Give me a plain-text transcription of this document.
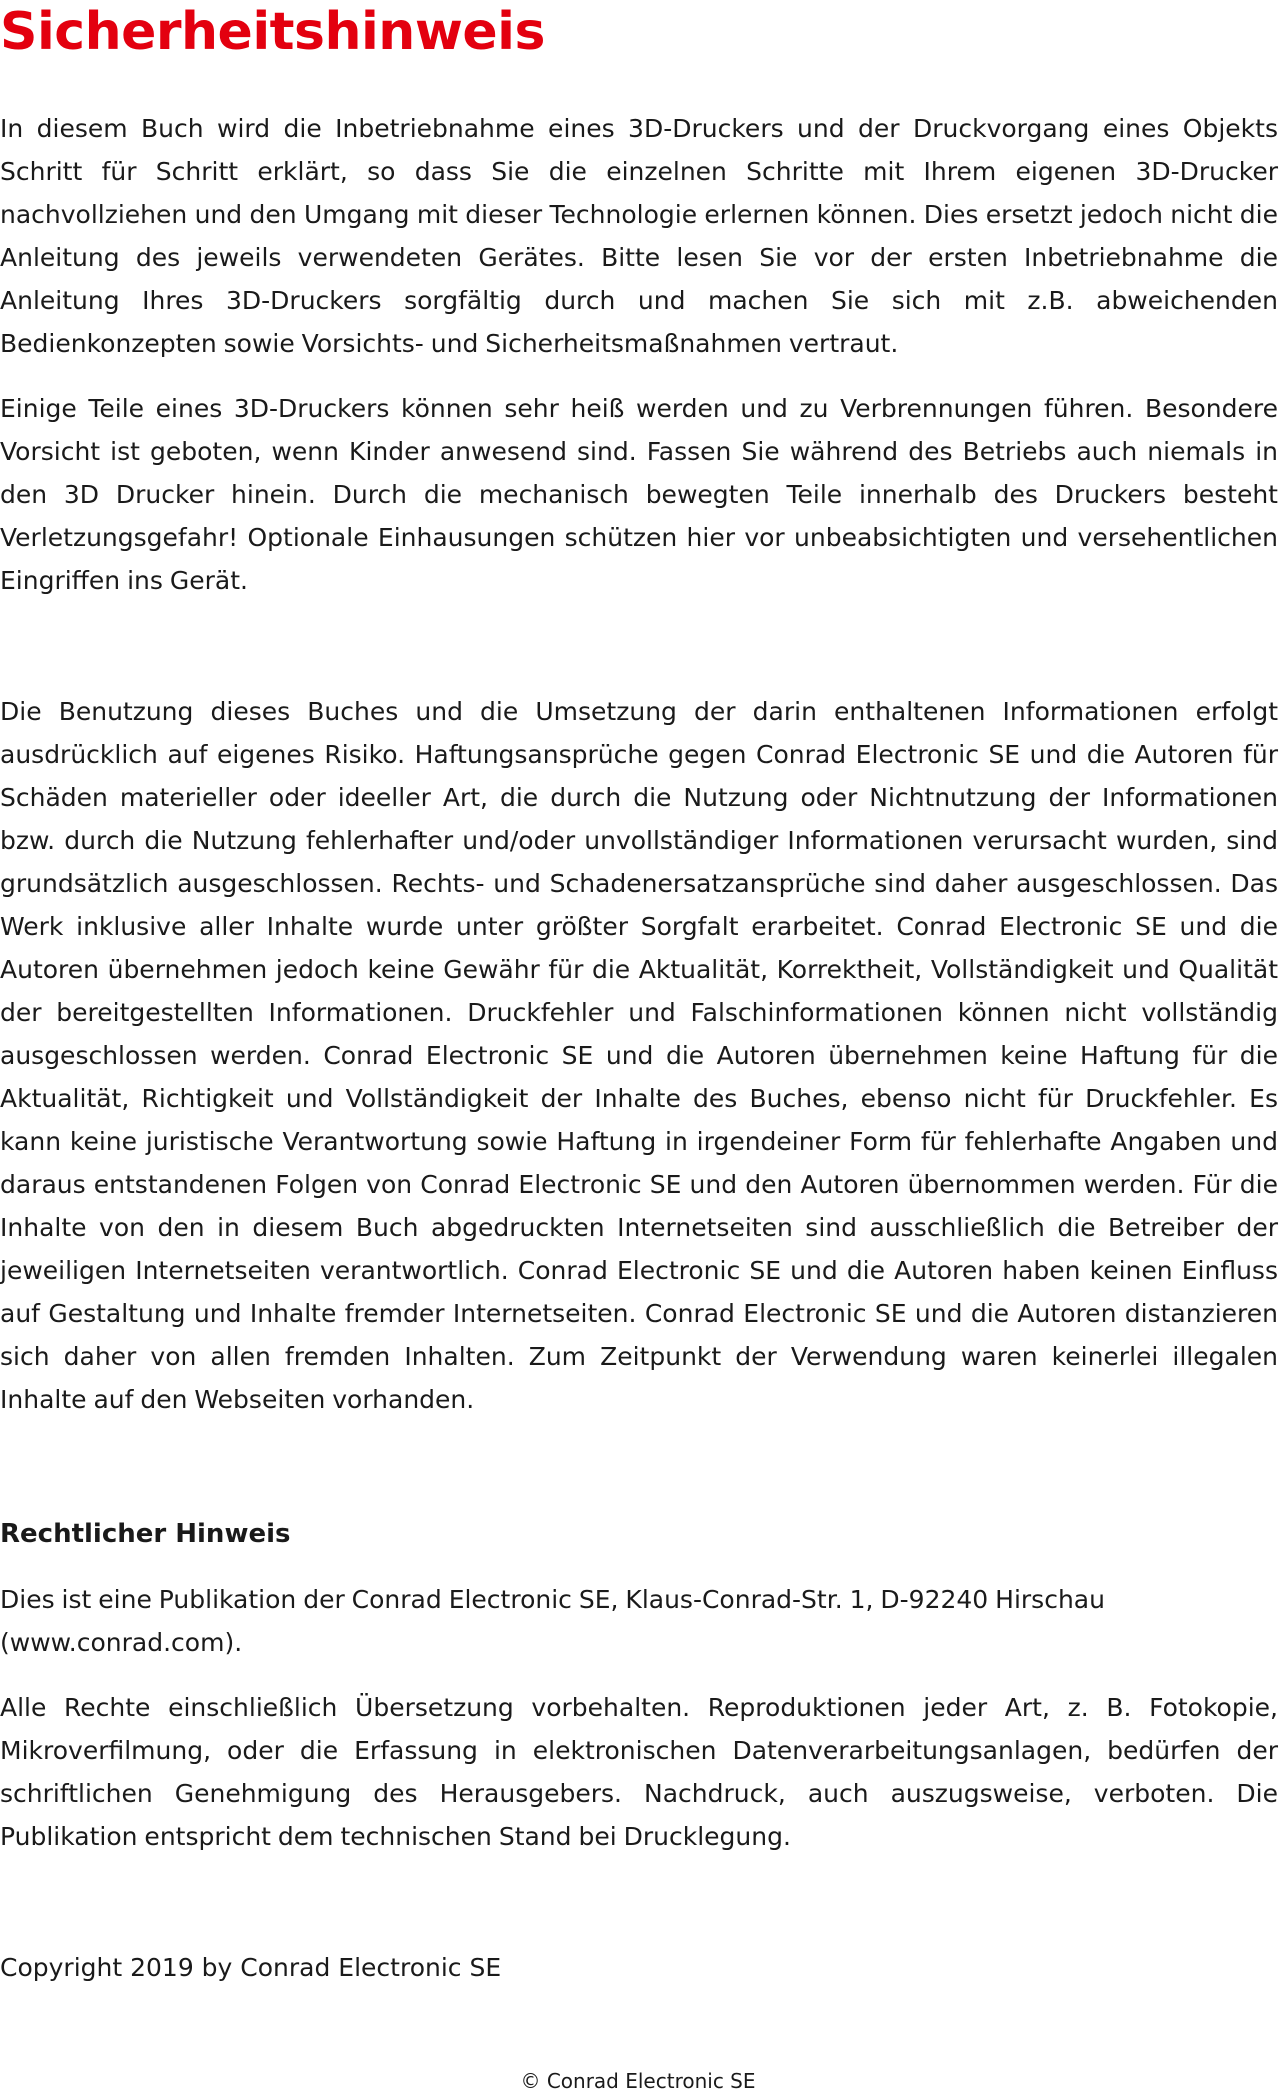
Sicherheitshinweis

In diesem Buch wird die Inbetriebnahme eines 3D-Druckers und der Druckvorgang eines Objekts Schritt für Schritt erklärt, so dass Sie die einzelnen Schritte mit Ihrem eigenen 3D-Drucker nachvollziehen und den Umgang mit dieser Technologie erlernen können. Dies ersetzt jedoch nicht die Anleitung des jeweils verwendeten Gerätes. Bitte lesen Sie vor der ersten Inbetriebnahme die Anleitung Ihres 3D-Druckers sorgfältig durch und machen Sie sich mit z.B. abweichenden Bedienkonzepten sowie Vorsichts- und Sicherheitsmaßnahmen vertraut.

Einige Teile eines 3D-Druckers können sehr heiß werden und zu Verbrennungen führen. Besondere Vorsicht ist geboten, wenn Kinder anwesend sind. Fassen Sie während des Betriebs auch niemals in den 3D Drucker hinein. Durch die mechanisch bewegten Teile innerhalb des Druckers besteht Verletzungsgefahr! Optionale Einhausungen schützen hier vor unbeabsichtigten und versehentlichen Eingriffen ins Gerät.

Die Benutzung dieses Buches und die Umsetzung der darin enthaltenen Informationen erfolgt ausdrücklich auf eigenes Risiko. Haftungsansprüche gegen Conrad Electronic SE und die Autoren für Schäden materieller oder ideeller Art, die durch die Nutzung oder Nichtnutzung der Informationen bzw. durch die Nutzung fehlerhafter und/oder unvollständiger Informationen verursacht wurden, sind grundsätzlich ausgeschlossen. Rechts- und Schadenersatzansprüche sind daher ausgeschlossen. Das Werk inklusive aller Inhalte wurde unter größter Sorgfalt erarbeitet. Conrad Electronic SE und die Autoren übernehmen jedoch keine Gewähr für die Aktualität, Korrektheit, Vollständigkeit und Qualität der bereitgestellten Informationen. Druckfehler und Falschinformationen können nicht vollständig ausgeschlossen werden. Conrad Electronic SE und die Autoren übernehmen keine Haftung für die Aktualität, Richtigkeit und Vollständigkeit der Inhalte des Buches, ebenso nicht für Druckfehler. Es kann keine juristische Verantwortung sowie Haftung in irgendeiner Form für fehlerhafte Angaben und daraus entstandenen Folgen von Conrad Electronic SE und den Autoren übernommen werden. Für die Inhalte von den in diesem Buch abgedruckten Internetseiten sind ausschließlich die Betreiber der jeweiligen Internetseiten verantwortlich. Conrad Electronic SE und die Autoren haben keinen Einfluss auf Gestaltung und Inhalte fremder Internetseiten. Conrad Electronic SE und die Autoren distanzieren sich daher von allen fremden Inhalten. Zum Zeitpunkt der Verwendung waren keinerlei illegalen Inhalte auf den Webseiten vorhanden.

Rechtlicher Hinweis

Dies ist eine Publikation der Conrad Electronic SE, Klaus-Conrad-Str. 1, D-92240 Hirschau (www.conrad.com).

Alle Rechte einschließlich Übersetzung vorbehalten. Reproduktionen jeder Art, z. B. Fotokopie, Mikroverfilmung, oder die Erfassung in elektronischen Datenverarbeitungsanlagen, bedürfen der schriftlichen Genehmigung des Herausgebers. Nachdruck, auch auszugsweise, verboten. Die Publikation entspricht dem technischen Stand bei Drucklegung.

Copyright 2019 by Conrad Electronic SE

© Conrad Electronic SE
